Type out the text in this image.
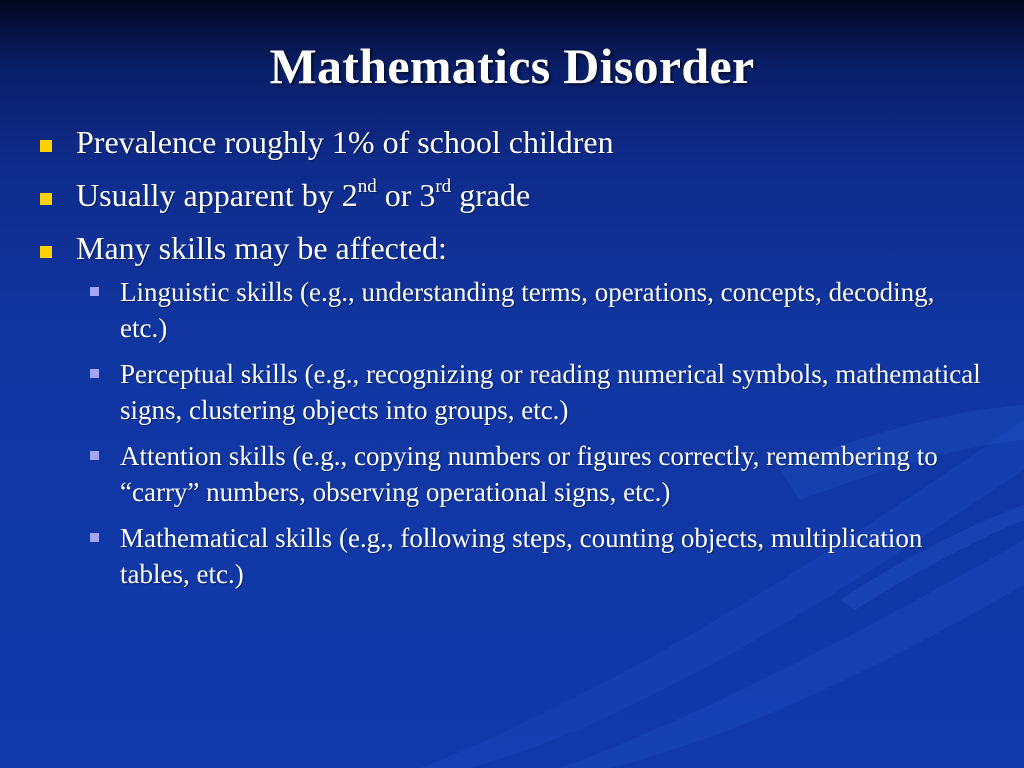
Mathematics Disorder
Prevalence roughly 1% of school children
Usually apparent by 2nd or 3rd grade
Many skills may be affected:
Linguistic skills (e.g., understanding terms, operations, concepts, decoding, etc.)
Perceptual skills (e.g., recognizing or reading numerical symbols, mathematical signs, clustering objects into groups, etc.)
Attention skills (e.g., copying numbers or figures correctly, remembering to “carry” numbers, observing operational signs, etc.)
Mathematical skills (e.g., following steps, counting objects, multiplication tables, etc.)
